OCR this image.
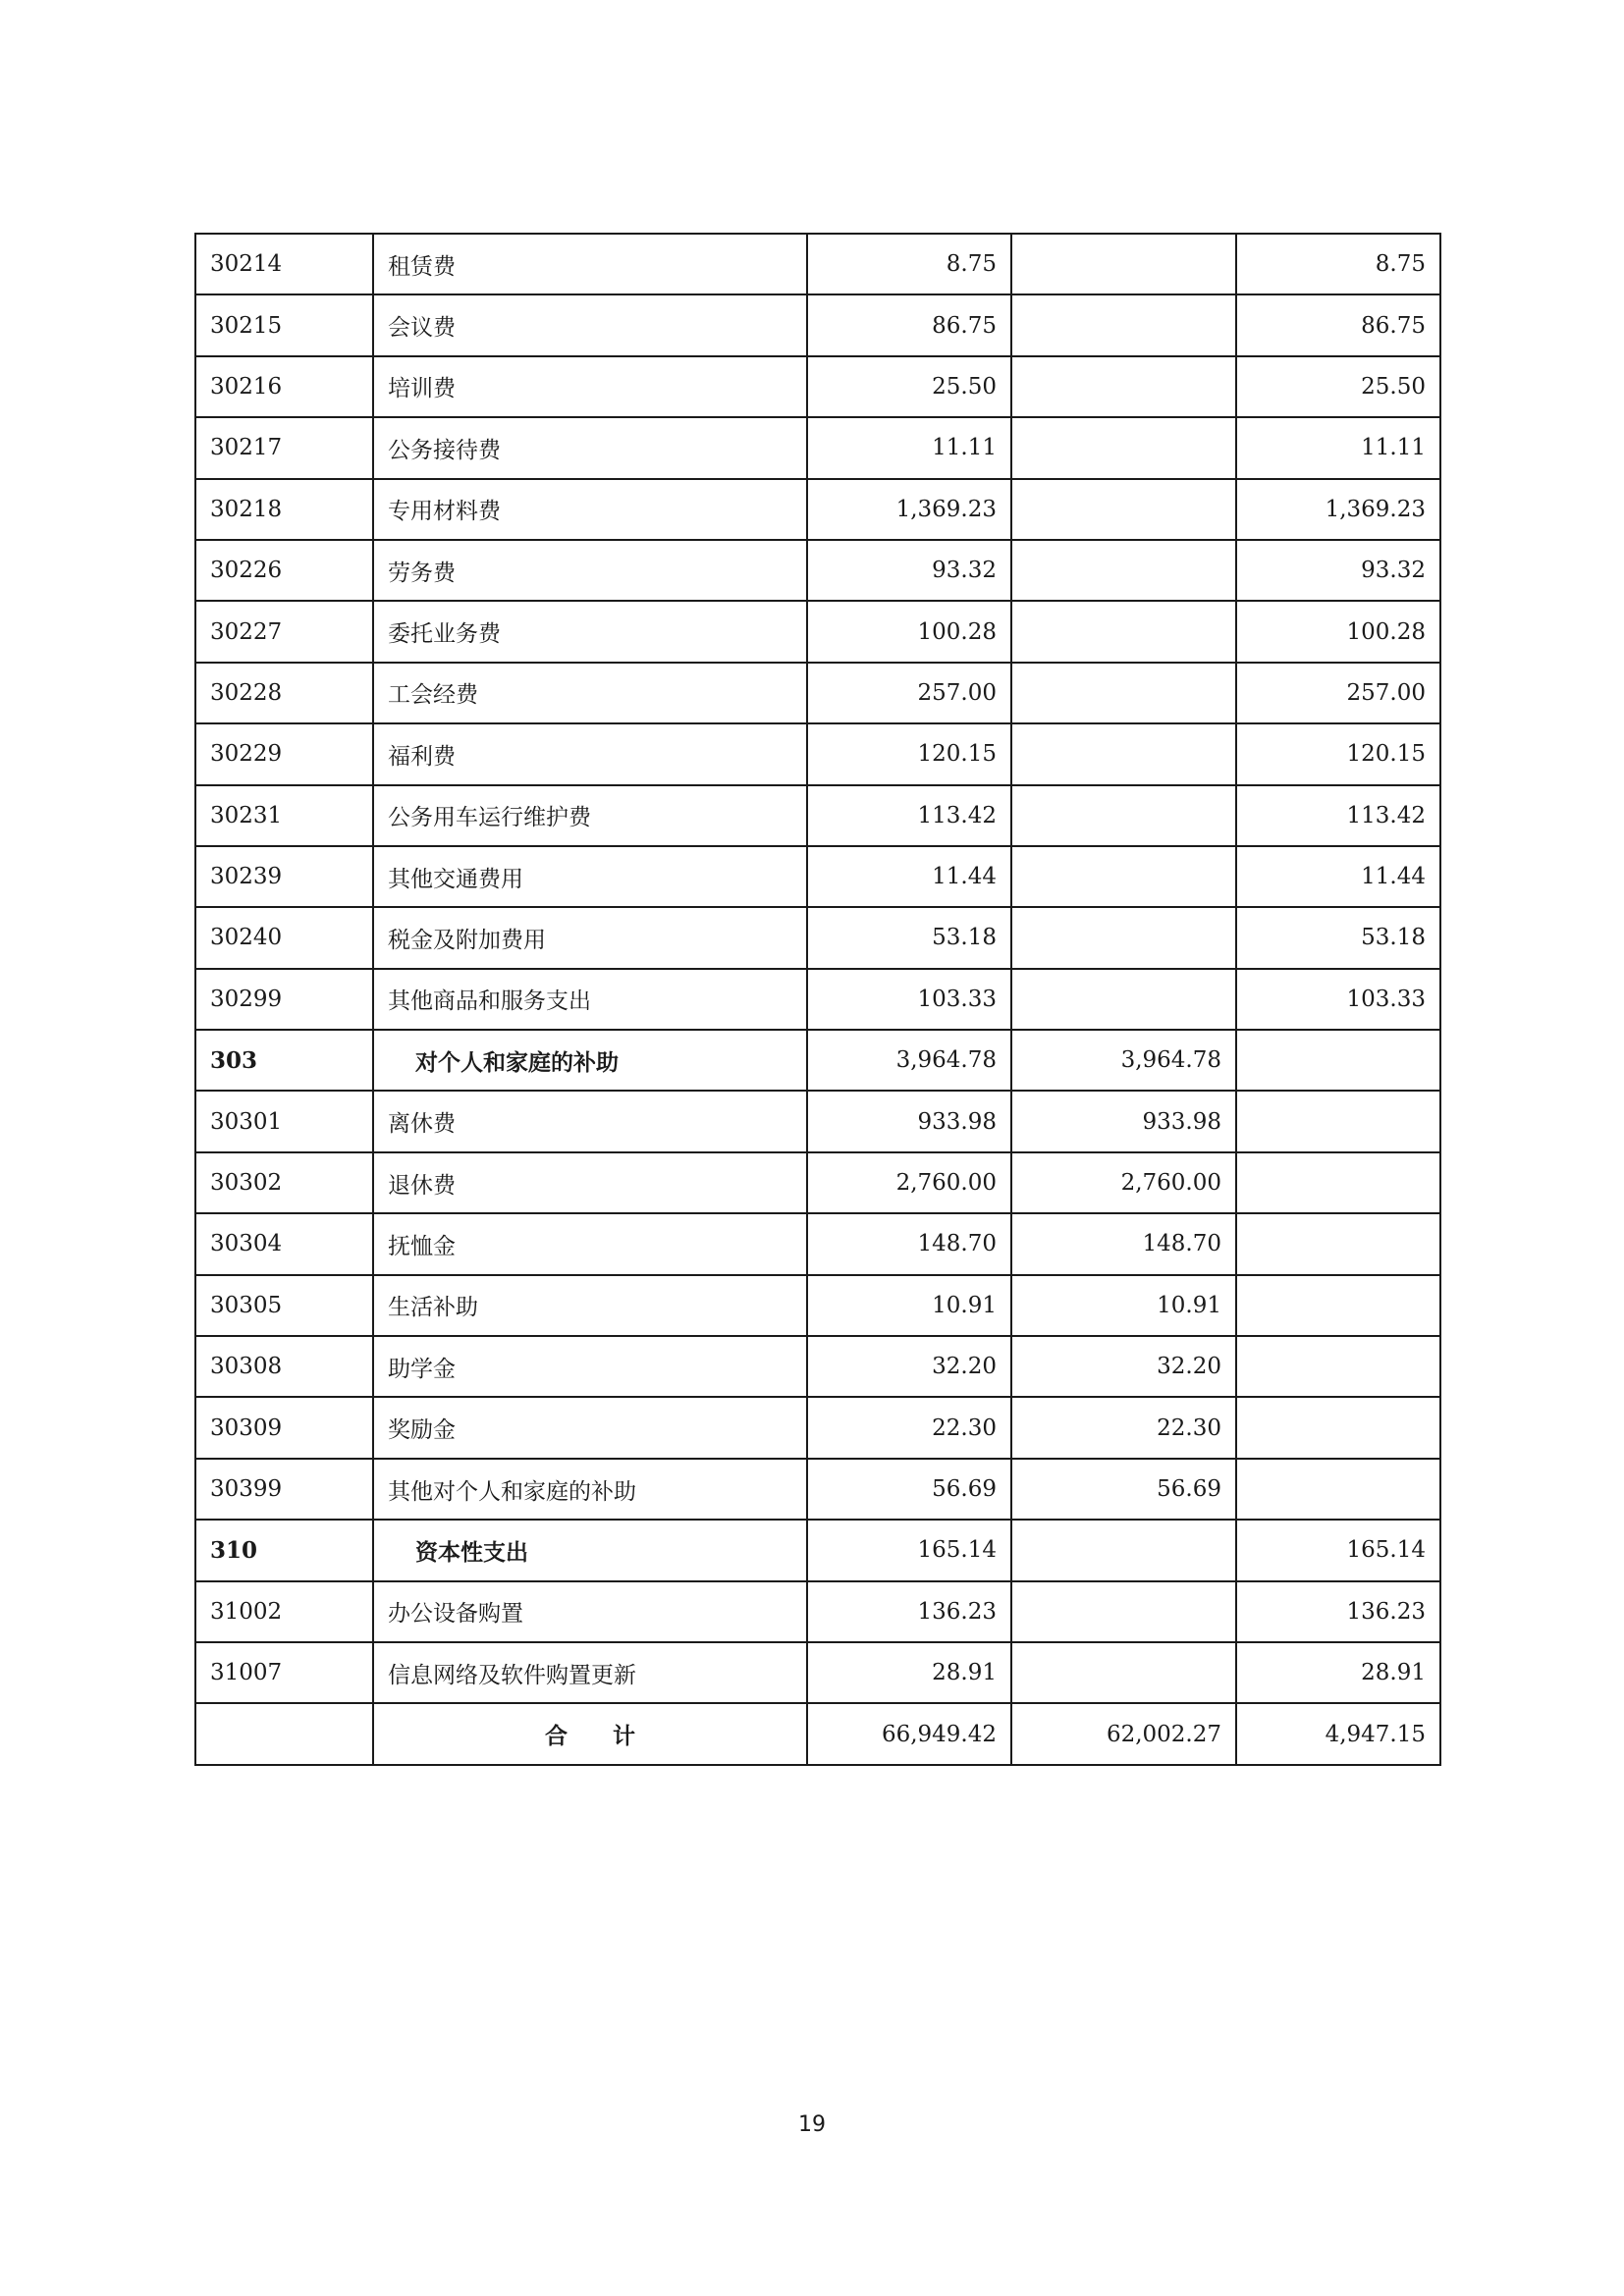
30214	租赁费	8.75		8.75
30215	会议费	86.75		86.75
30216	培训费	25.50		25.50
30217	公务接待费	11.11		11.11
30218	专用材料费	1,369.23		1,369.23
30226	劳务费	93.32		93.32
30227	委托业务费	100.28		100.28
30228	工会经费	257.00		257.00
30229	福利费	120.15		120.15
30231	公务用车运行维护费	113.42		113.42
30239	其他交通费用	11.44		11.44
30240	税金及附加费用	53.18		53.18
30299	其他商品和服务支出	103.33		103.33
303	对个人和家庭的补助	3,964.78	3,964.78	
30301	离休费	933.98	933.98	
30302	退休费	2,760.00	2,760.00	
30304	抚恤金	148.70	148.70	
30305	生活补助	10.91	10.91	
30308	助学金	32.20	32.20	
30309	奖励金	22.30	22.30	
30399	其他对个人和家庭的补助	56.69	56.69	
310	资本性支出	165.14		165.14
31002	办公设备购置	136.23		136.23
31007	信息网络及软件购置更新	28.91		28.91
	合　　计	66,949.42	62,002.27	4,947.15
19
